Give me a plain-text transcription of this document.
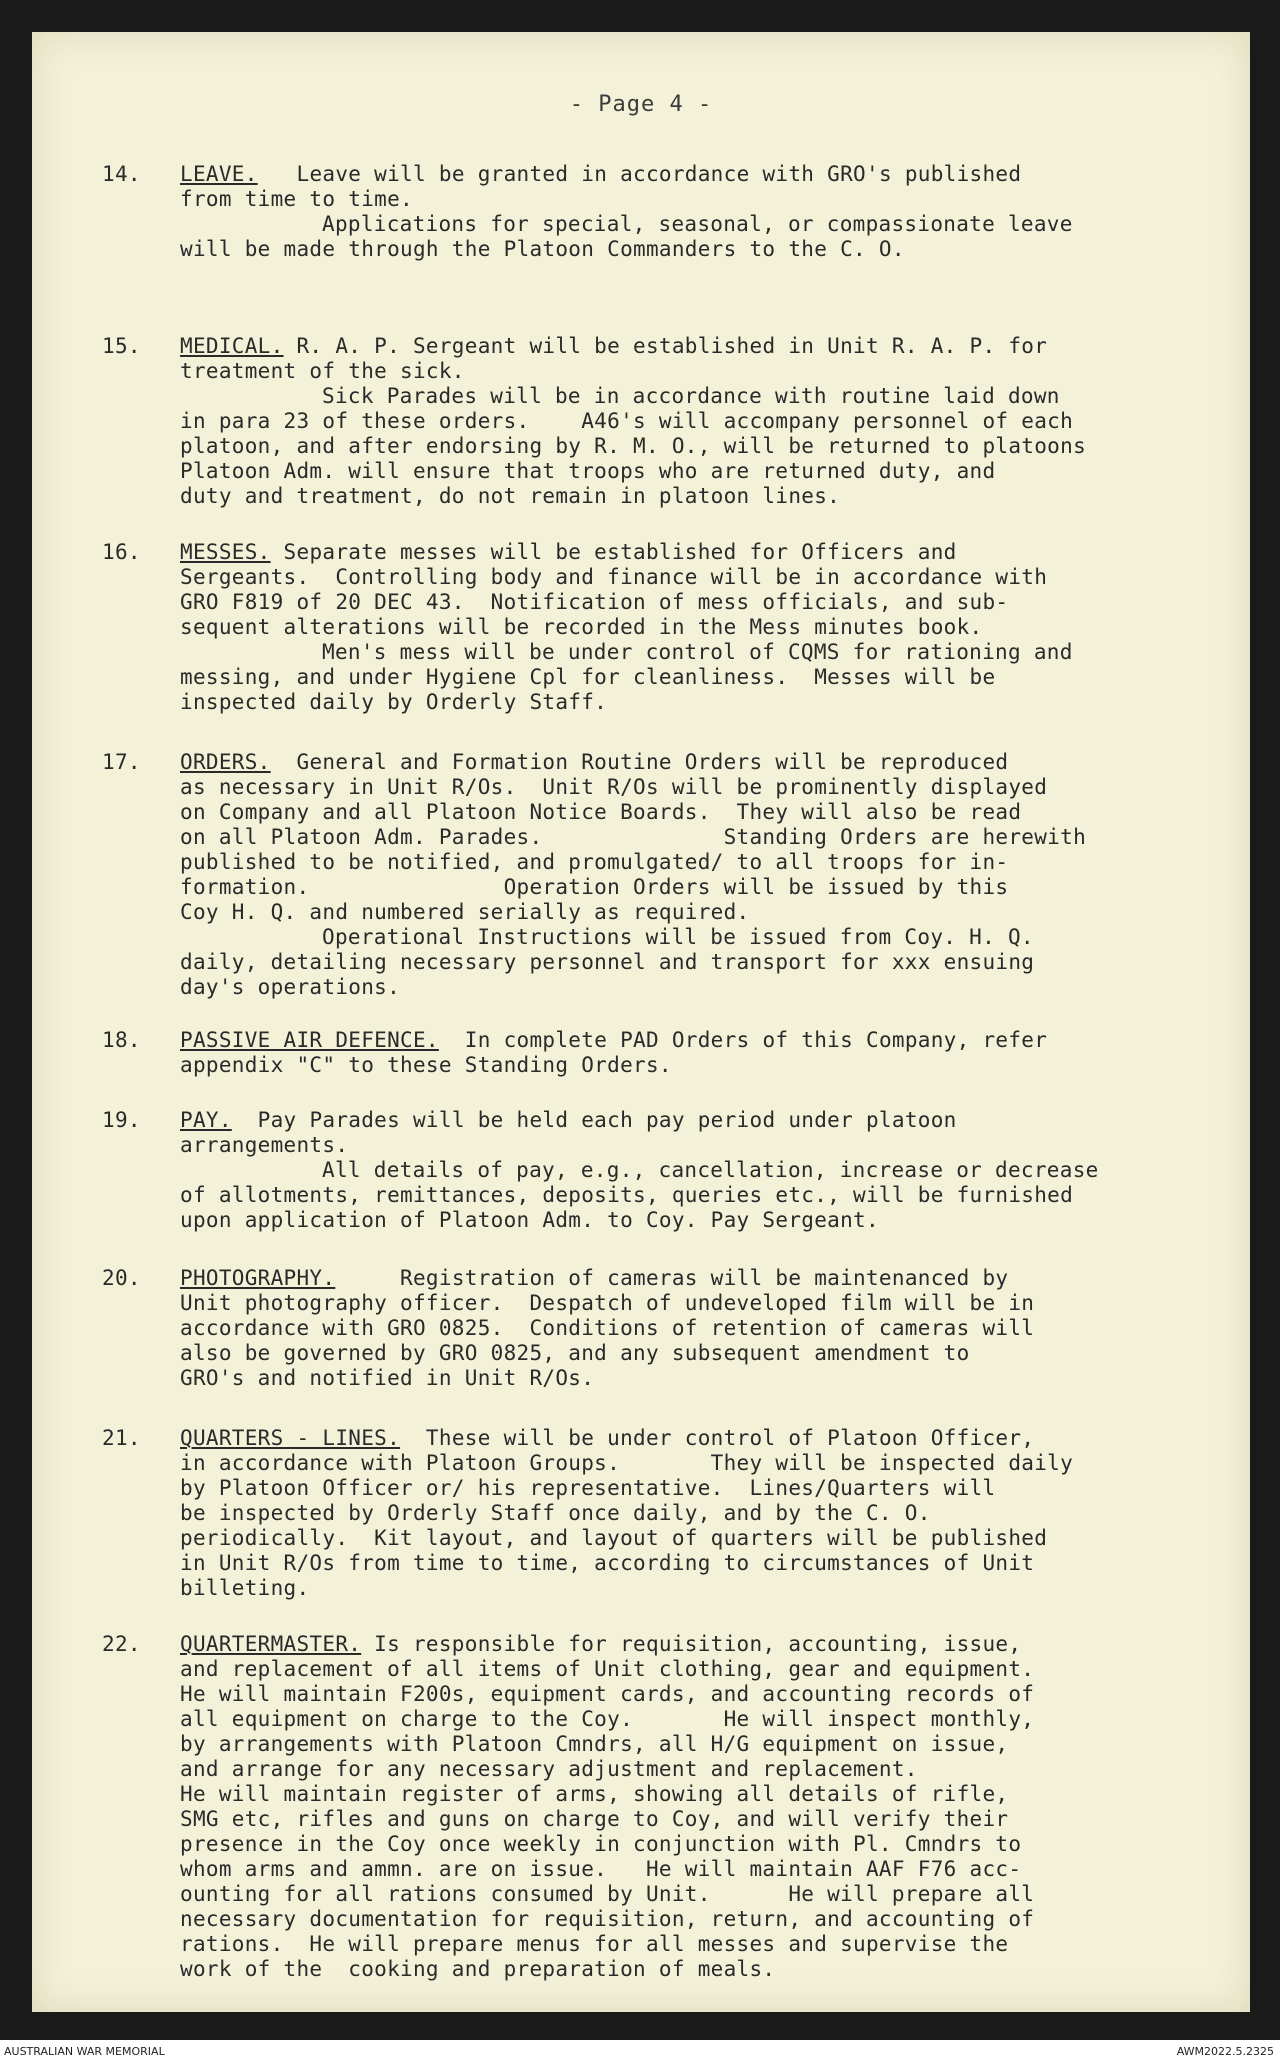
- Page 4 -
14.	LEAVE.   Leave will be granted in accordance with GRO's published
from time to time.
Applications for special, seasonal, or compassionate leave
will be made through the Platoon Commanders to the C. O.
15.	MEDICAL. R. A. P. Sergeant will be established in Unit R. A. P. for
treatment of the sick.
Sick Parades will be in accordance with routine laid down
in para 23 of these orders.    A46's will accompany personnel of each
platoon, and after endorsing by R. M. O., will be returned to platoons
Platoon Adm. will ensure that troops who are returned duty, and
duty and treatment, do not remain in platoon lines.
16.	MESSES. Separate messes will be established for Officers and
Sergeants.  Controlling body and finance will be in accordance with
GRO F819 of 20 DEC 43.  Notification of mess officials, and sub-
sequent alterations will be recorded in the Mess minutes book.
Men's mess will be under control of CQMS for rationing and
messing, and under Hygiene Cpl for cleanliness.  Messes will be
inspected daily by Orderly Staff.
17.	ORDERS.  General and Formation Routine Orders will be reproduced
as necessary in Unit R/Os.  Unit R/Os will be prominently displayed
on Company and all Platoon Notice Boards.  They will also be read
on all Platoon Adm. Parades.              Standing Orders are herewith
published to be notified, and promulgated/ to all troops for in-
formation.               Operation Orders will be issued by this
Coy H. Q. and numbered serially as required.
Operational Instructions will be issued from Coy. H. Q.
daily, detailing necessary personnel and transport for xxx ensuing
day's operations.
18.	PASSIVE AIR DEFENCE.  In complete PAD Orders of this Company, refer
appendix "C" to these Standing Orders.
19.	PAY.  Pay Parades will be held each pay period under platoon
arrangements.
All details of pay, e.g., cancellation, increase or decrease
of allotments, remittances, deposits, queries etc., will be furnished
upon application of Platoon Adm. to Coy. Pay Sergeant.
20.	PHOTOGRAPHY.     Registration of cameras will be maintenanced by
Unit photography officer.  Despatch of undeveloped film will be in
accordance with GRO 0825.  Conditions of retention of cameras will
also be governed by GRO 0825, and any subsequent amendment to
GRO's and notified in Unit R/Os.
21.	QUARTERS - LINES.  These will be under control of Platoon Officer,
in accordance with Platoon Groups.       They will be inspected daily
by Platoon Officer or/ his representative.  Lines/Quarters will
be inspected by Orderly Staff once daily, and by the C. O.
periodically.  Kit layout, and layout of quarters will be published
in Unit R/Os from time to time, according to circumstances of Unit
billeting.
22.	QUARTERMASTER. Is responsible for requisition, accounting, issue,
and replacement of all items of Unit clothing, gear and equipment.
He will maintain F200s, equipment cards, and accounting records of
all equipment on charge to the Coy.       He will inspect monthly,
by arrangements with Platoon Cmndrs, all H/G equipment on issue,
and arrange for any necessary adjustment and replacement.
He will maintain register of arms, showing all details of rifle,
SMG etc, rifles and guns on charge to Coy, and will verify their
presence in the Coy once weekly in conjunction with Pl. Cmndrs to
whom arms and ammn. are on issue.   He will maintain AAF F76 acc-
ounting for all rations consumed by Unit.      He will prepare all
necessary documentation for requisition, return, and accounting of
rations.  He will prepare menus for all messes and supervise the
work of the  cooking and preparation of meals.
AUSTRALIAN WAR MEMORIAL	AWM2022.5.2325
